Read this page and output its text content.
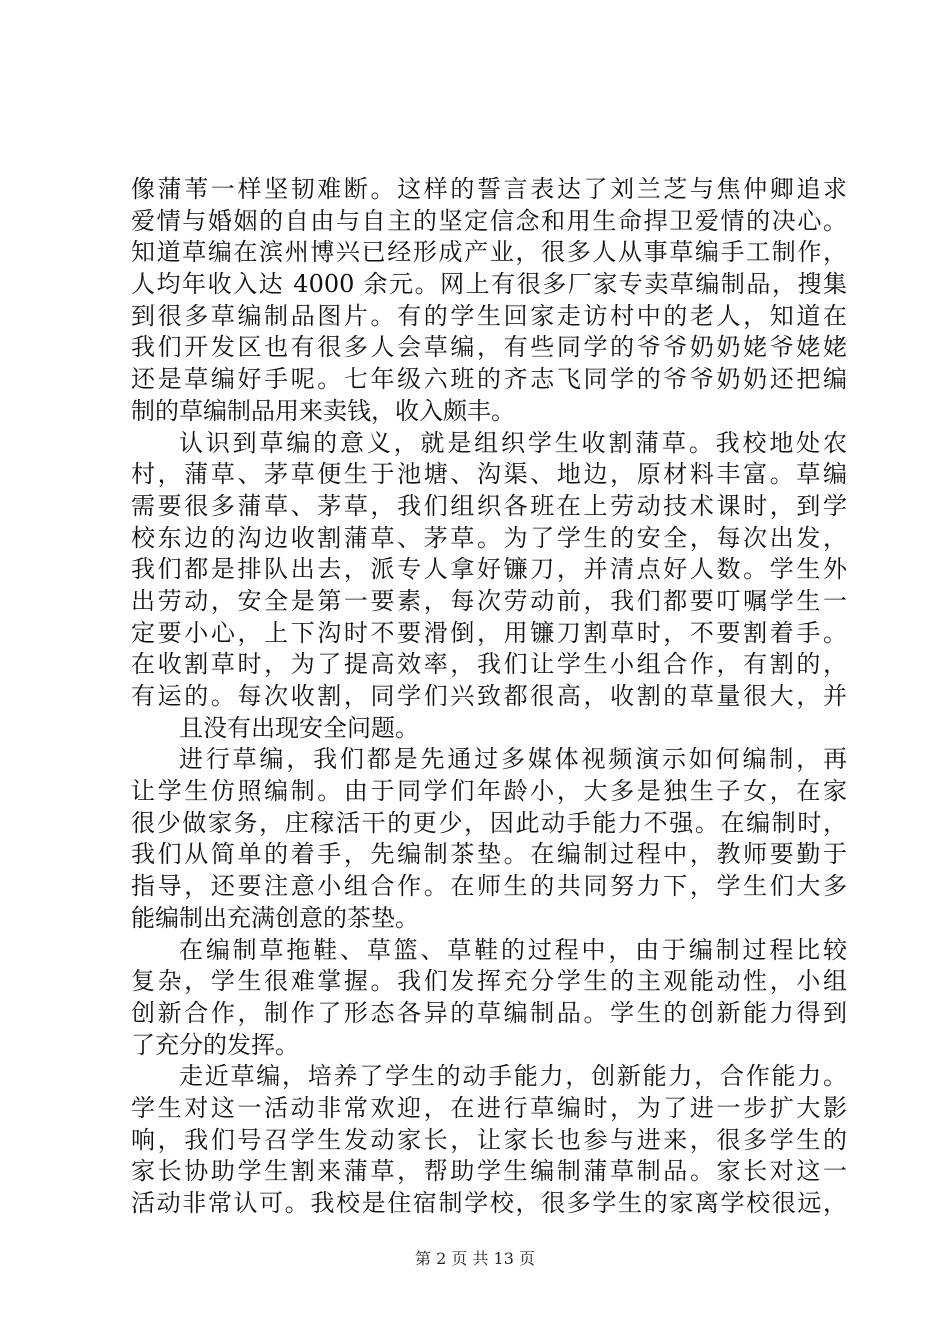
像蒲苇一样坚韧难断。这样的誓言表达了刘兰芝与焦仲卿追求
爱情与婚姻的自由与自主的坚定信念和用生命捍卫爱情的决心。
知道草编在滨州博兴已经形成产业，很多人从事草编手工制作，
人均年收入达 4000 余元。网上有很多厂家专卖草编制品，搜集
到很多草编制品图片。有的学生回家走访村中的老人，知道在
我们开发区也有很多人会草编，有些同学的爷爷奶奶姥爷姥姥
还是草编好手呢。七年级六班的齐志飞同学的爷爷奶奶还把编
制的草编制品用来卖钱，收入颇丰。
认识到草编的意义，就是组织学生收割蒲草。我校地处农
村，蒲草、茅草便生于池塘、沟渠、地边，原材料丰富。草编
需要很多蒲草、茅草，我们组织各班在上劳动技术课时，到学
校东边的沟边收割蒲草、茅草。为了学生的安全，每次出发，
我们都是排队出去，派专人拿好镰刀，并清点好人数。学生外
出劳动，安全是第一要素，每次劳动前，我们都要叮嘱学生一
定要小心，上下沟时不要滑倒，用镰刀割草时，不要割着手。
在收割草时，为了提高效率，我们让学生小组合作，有割的，
有运的。每次收割，同学们兴致都很高，收割的草量很大，并
且没有出现安全问题。
进行草编，我们都是先通过多媒体视频演示如何编制，再
让学生仿照编制。由于同学们年龄小，大多是独生子女，在家
很少做家务，庄稼活干的更少，因此动手能力不强。在编制时，
我们从简单的着手，先编制茶垫。在编制过程中，教师要勤于
指导，还要注意小组合作。在师生的共同努力下，学生们大多
能编制出充满创意的茶垫。
在编制草拖鞋、草篮、草鞋的过程中，由于编制过程比较
复杂，学生很难掌握。我们发挥充分学生的主观能动性，小组
创新合作，制作了形态各异的草编制品。学生的创新能力得到
了充分的发挥。
走近草编，培养了学生的动手能力，创新能力，合作能力。
学生对这一活动非常欢迎，在进行草编时，为了进一步扩大影
响，我们号召学生发动家长，让家长也参与进来，很多学生的
家长协助学生割来蒲草，帮助学生编制蒲草制品。家长对这一
活动非常认可。我校是住宿制学校，很多学生的家离学校很远，
第 2 页 共 13 页
